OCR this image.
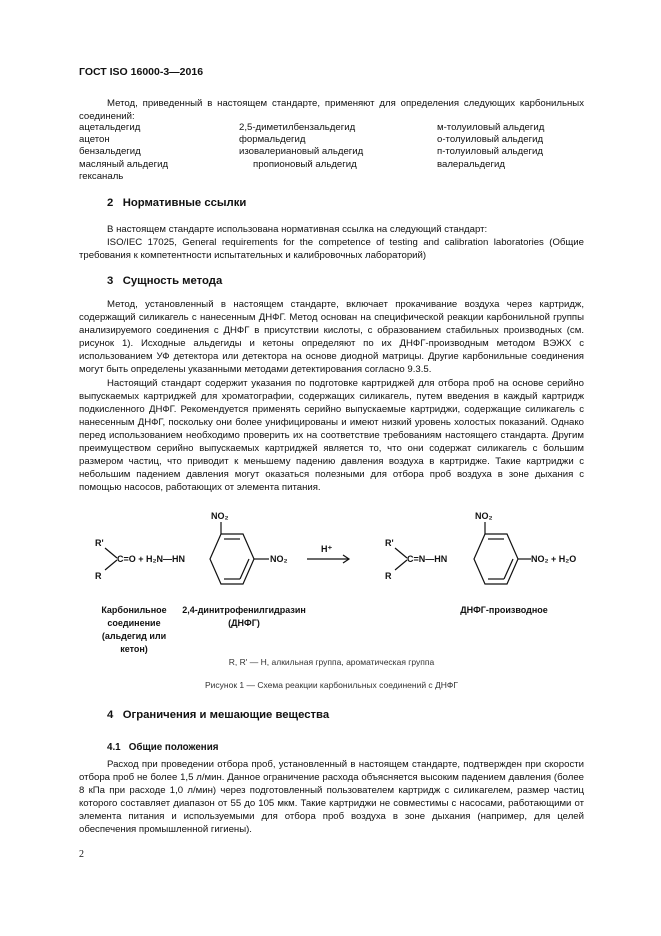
ГОСТ ISO 16000-3—2016
Метод, приведенный в настоящем стандарте, применяют для определения следующих карбонильных соединений:
ацетальдегид
ацетон
бензальдегид
масляный альдегид
гексаналь
2,5-диметилбензальдегид
формальдегид
изовалериановый альдегид
пропионовый альдегид
м-толуиловый альдегид
о-толуиловый альдегид
п-толуиловый альдегид
валеральдегид
2 Нормативные ссылки
В настоящем стандарте использована нормативная ссылка на следующий стандарт:
ISO/IEC 17025, General requirements for the competence of testing and calibration laboratories (Общие требования к компетентности испытательных и калибровочных лабораторий)
3 Сущность метода
Метод, установленный в настоящем стандарте, включает прокачивание воздуха через картридж, содержащий силикагель с нанесенным ДНФГ. Метод основан на специфической реакции карбонильной группы анализируемого соединения с ДНФГ в присутствии кислоты, с образованием стабильных производных (см. рисунок 1). Исходные альдегиды и кетоны определяют по их ДНФГ-производным методом ВЭЖХ с использованием УФ детектора или детектора на основе диодной матрицы. Другие карбонильные соединения могут быть определены указанными методами детектирования согласно 9.3.5.
Настоящий стандарт содержит указания по подготовке картриджей для отбора проб на основе серийно выпускаемых картриджей для хроматографии, содержащих силикагель, путем введения в каждый картридж подкисленного ДНФГ. Рекомендуется применять серийно выпускаемые картриджи, содержащие силикагель с нанесенным ДНФГ, поскольку они более унифицированы и имеют низкий уровень холостых показаний. Однако перед использованием необходимо проверить их на соответствие требованиям настоящего стандарта. Другим преимуществом серийно выпускаемых картриджей является то, что они содержат силикагель с большим размером частиц, что приводит к меньшему падению давления воздуха в картридже. Такие картриджи с небольшим падением давления могут оказаться полезными для отбора проб воздуха в зоне дыхания с помощью насосов, работающих от элемента питания.
R'
R
C=O + H₂N—HN
NO₂
NO₂
H⁺
R'
R
C=N—HN
NO₂
NO₂ + H₂O
Карбонильное соединение (альдегид или кетон)
2,4-динитрофенилгидразин (ДНФГ)
ДНФГ-производное
R, R' — H, алкильная группа, ароматическая группа
Рисунок 1 — Схема реакции карбонильных соединений с ДНФГ
4 Ограничения и мешающие вещества
4.1 Общие положения
Расход при проведении отбора проб, установленный в настоящем стандарте, подтвержден при скорости отбора проб не более 1,5 л/мин. Данное ограничение расхода объясняется высоким падением давления (более 8 кПа при расходе 1,0 л/мин) через подготовленный пользователем картридж с силикагелем, размер частиц которого составляет диапазон от 55 до 105 мкм. Такие картриджи не совместимы с насосами, работающими от элемента питания и используемыми для отбора проб воздуха в зоне дыхания (например, для целей обеспечения промышленной гигиены).
2
